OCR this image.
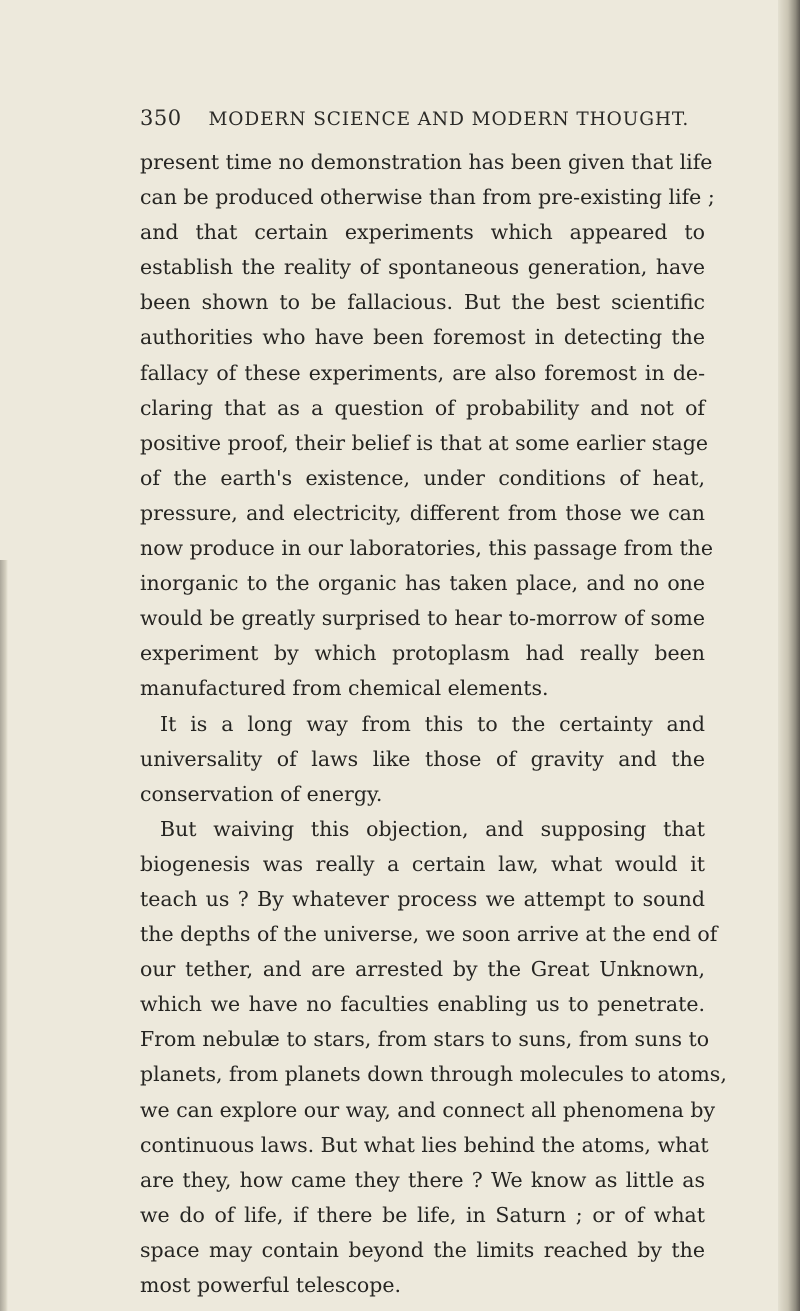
350 MODERN SCIENCE AND MODERN THOUGHT.
present time no demonstration has been given that life
can be produced otherwise than from pre-existing life ;
and that certain experiments which appeared to
establish the reality of spontaneous generation, have
been shown to be fallacious. But the best scientific
authorities who have been foremost in detecting the
fallacy of these experiments, are also foremost in de-
claring that as a question of probability and not of
positive proof, their belief is that at some earlier stage
of the earth's existence, under conditions of heat,
pressure, and electricity, different from those we can
now produce in our laboratories, this passage from the
inorganic to the organic has taken place, and no one
would be greatly surprised to hear to-morrow of some
experiment by which protoplasm had really been
manufactured from chemical elements.
It is a long way from this to the certainty and
universality of laws like those of gravity and the
conservation of energy.
But waiving this objection, and supposing that
biogenesis was really a certain law, what would it
teach us ? By whatever process we attempt to sound
the depths of the universe, we soon arrive at the end of
our tether, and are arrested by the Great Unknown,
which we have no faculties enabling us to penetrate.
From nebulæ to stars, from stars to suns, from suns to
planets, from planets down through molecules to atoms,
we can explore our way, and connect all phenomena by
continuous laws. But what lies behind the atoms, what
are they, how came they there ? We know as little as
we do of life, if there be life, in Saturn ; or of what
space may contain beyond the limits reached by the
most powerful telescope.
